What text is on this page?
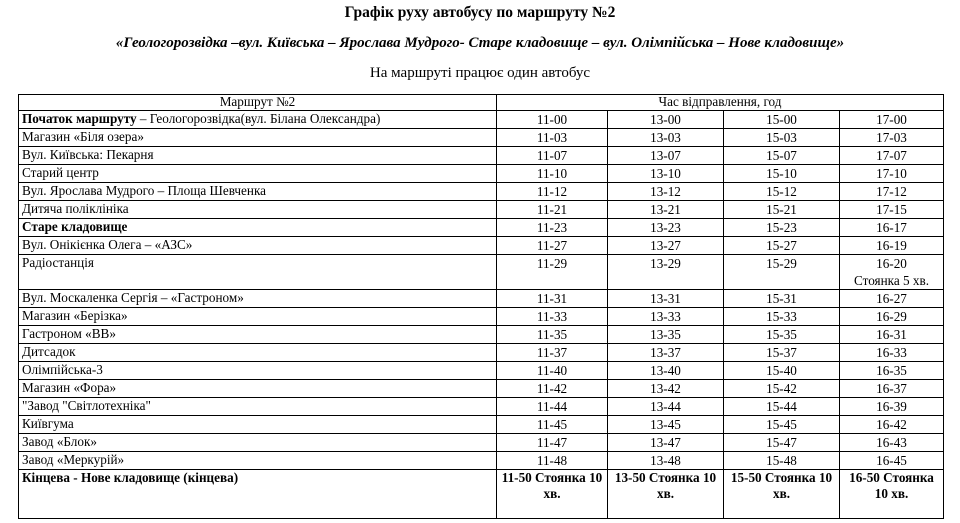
Графік руху автобусу по маршруту №2
«Геологорозвідка –вул. Київська – Ярослава Мудрого- Старе кладовище – вул. Олімпійська – Нове кладовище»
На маршруті працює один автобус
Маршрут №2	Час відправлення, год			
Початок маршруту – Геологорозвідка(вул. Білана Олександра)	11-00	13-00	15-00	17-00

Магазин «Біля озера»	11-03	13-03	15-03	17-03

Вул. Київська: Пекарня	11-07	13-07	15-07	17-07

Старий центр	11-10	13-10	15-10	17-10

Вул. Ярослава Мудрого – Площа Шевченка	11-12	13-12	15-12	17-12

Дитяча поліклініка	11-21	13-21	15-21	17-15

Старе кладовище	11-23	13-23	15-23	16-17

Вул. Онікієнка Олега – «АЗС»	11-27	13-27	15-27	16-19

Радіостанція	11-29	13-29	15-29	16-20
Стоянка 5 хв.

Вул. Москаленка Сергія – «Гастроном»	11-31	13-31	15-31	16-27

Магазин «Берізка»	11-33	13-33	15-33	16-29

Гастроном «ВВ»	11-35	13-35	15-35	16-31

Дитсадок	11-37	13-37	15-37	16-33

Олімпійська-3	11-40	13-40	15-40	16-35

Магазин «Фора»	11-42	13-42	15-42	16-37

"Завод "Світлотехніка"	11-44	13-44	15-44	16-39

Київгума	11-45	13-45	15-45	16-42

Завод «Блок»	11-47	13-47	15-47	16-43

Завод «Меркурій»	11-48	13-48	15-48	16-45

Кінцева - Нове кладовище (кінцева)	11-50 Стоянка 10 хв.	13-50 Стоянка 10 хв.	15-50 Стоянка 10 хв.	16-50 Стоянка 10 хв.
